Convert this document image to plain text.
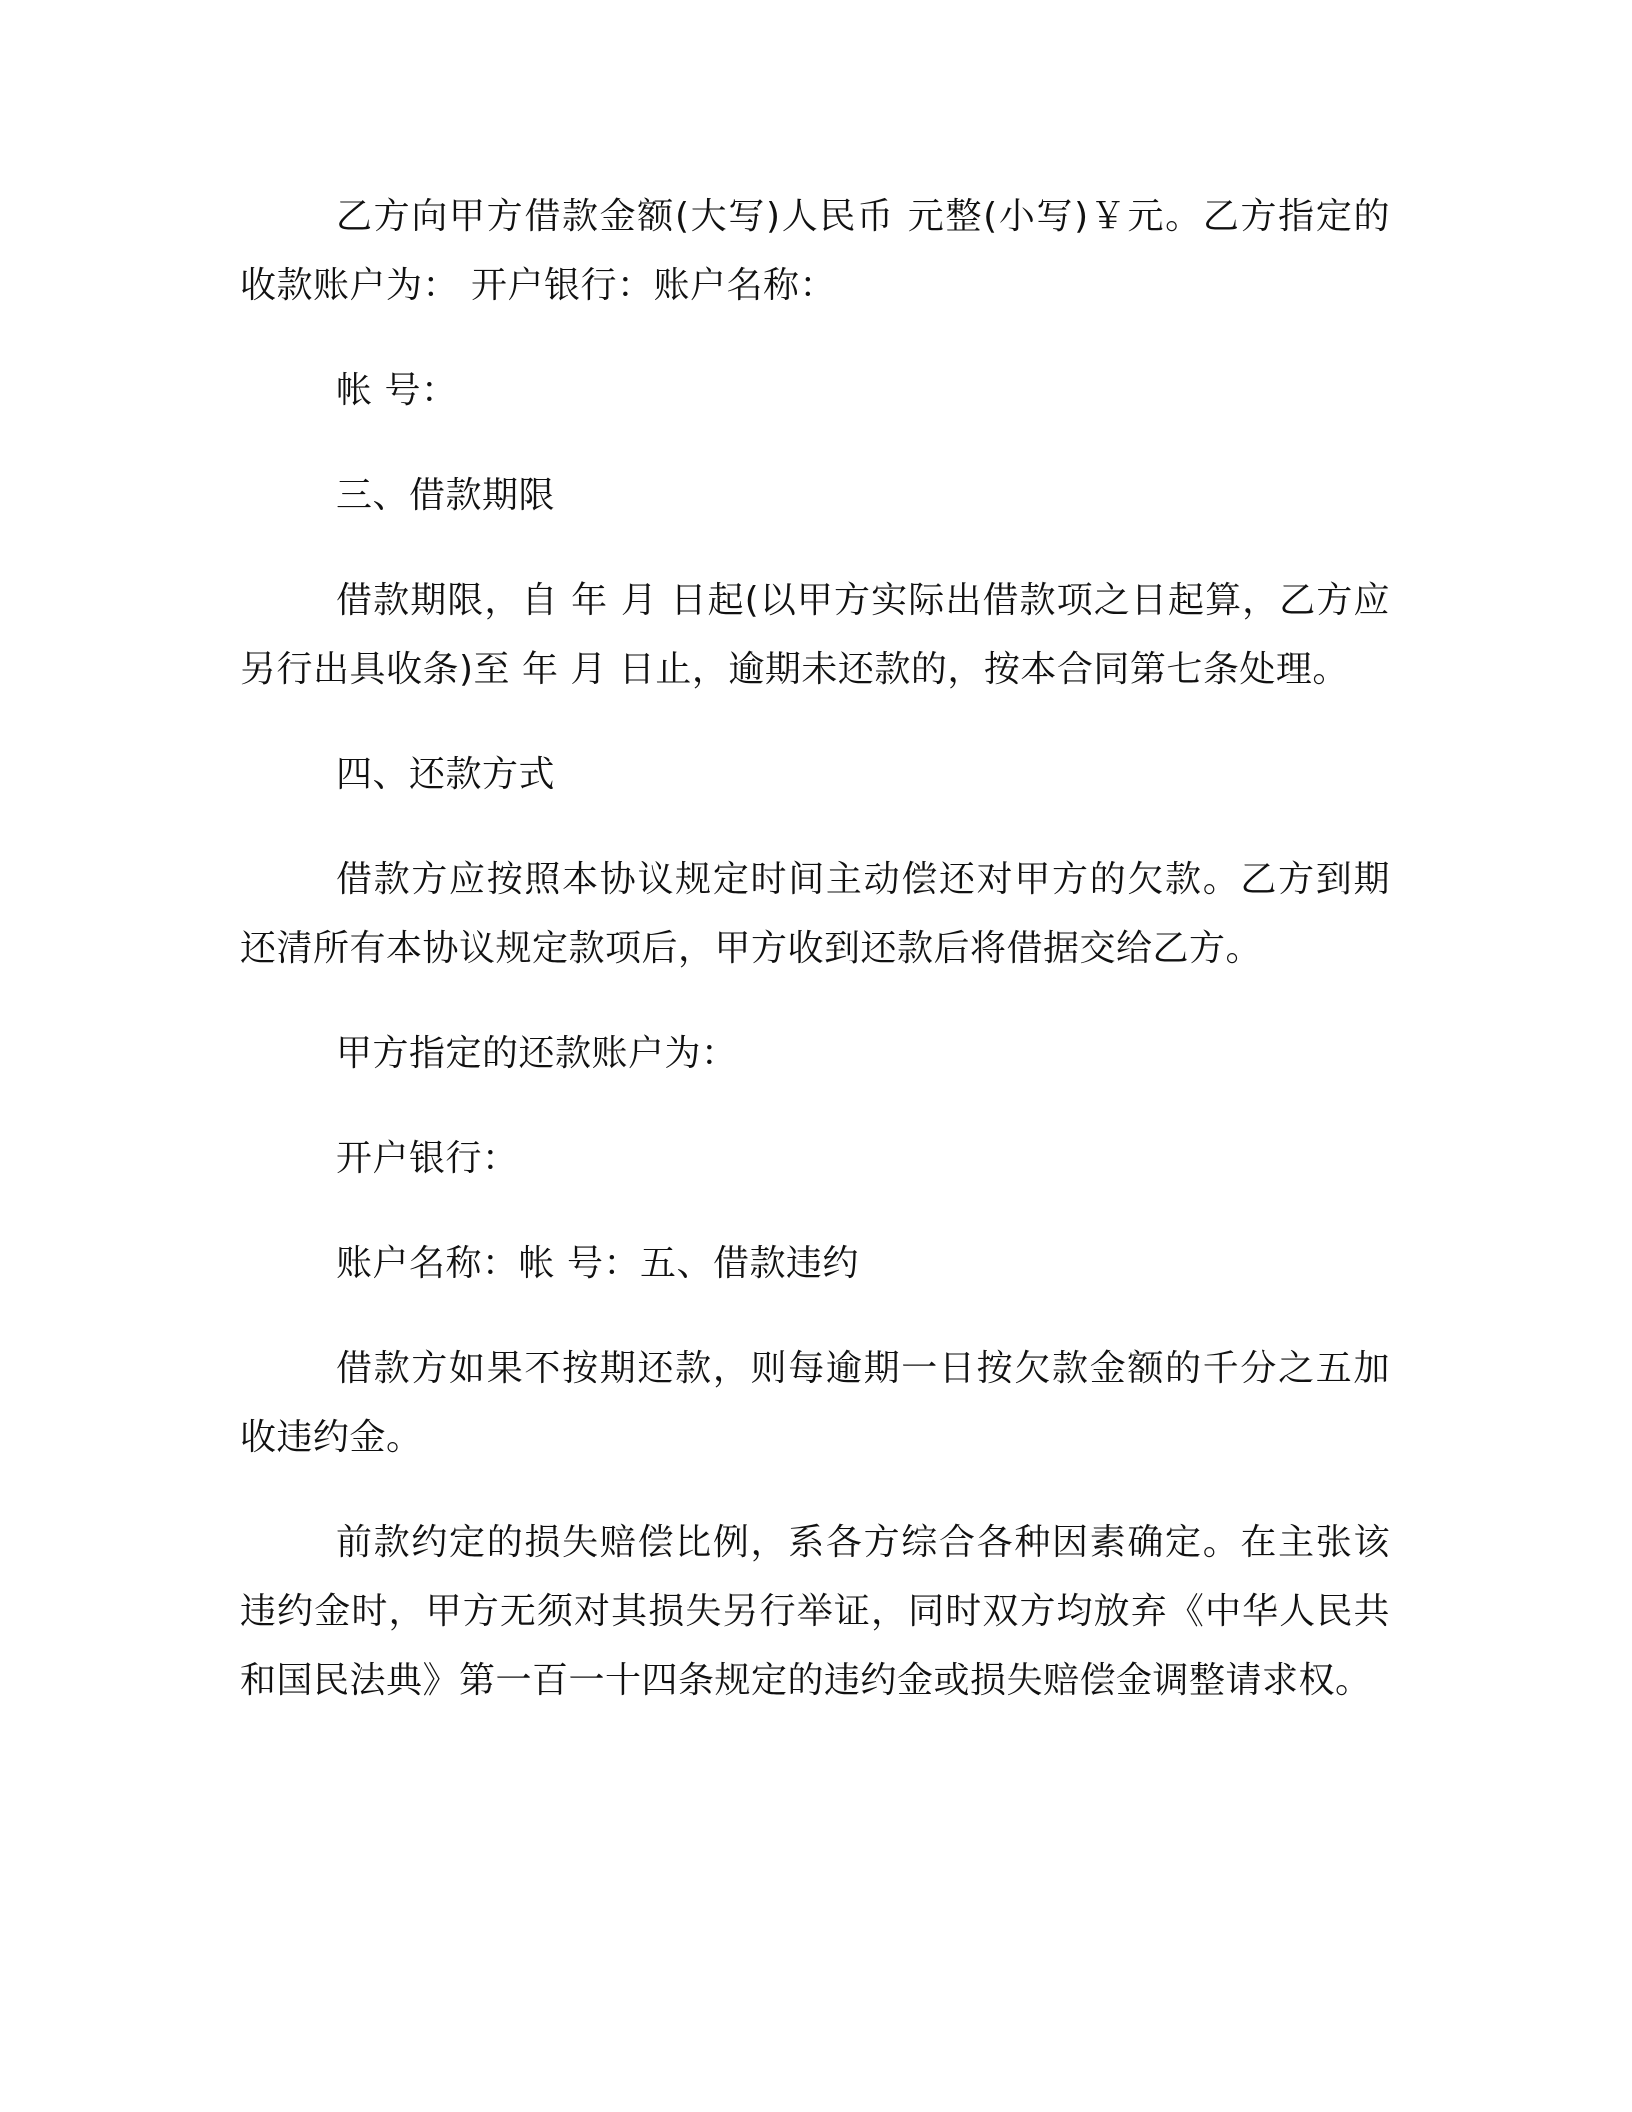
乙方向甲方借款金额(大写)人民币 元整(小写)￥元。乙方指定的收款账户为： 开户银行：账户名称：

帐 号：

三、借款期限

借款期限，自 年 月 日起(以甲方实际出借款项之日起算，乙方应另行出具收条)至 年 月 日止，逾期未还款的，按本合同第七条处理。

四、还款方式

借款方应按照本协议规定时间主动偿还对甲方的欠款。乙方到期还清所有本协议规定款项后，甲方收到还款后将借据交给乙方。

甲方指定的还款账户为：

开户银行：

账户名称：帐 号：五、借款违约

借款方如果不按期还款，则每逾期一日按欠款金额的千分之五加收违约金。

前款约定的损失赔偿比例，系各方综合各种因素确定。在主张该违约金时，甲方无须对其损失另行举证，同时双方均放弃《中华人民共和国民法典》第一百一十四条规定的违约金或损失赔偿金调整请求权。
